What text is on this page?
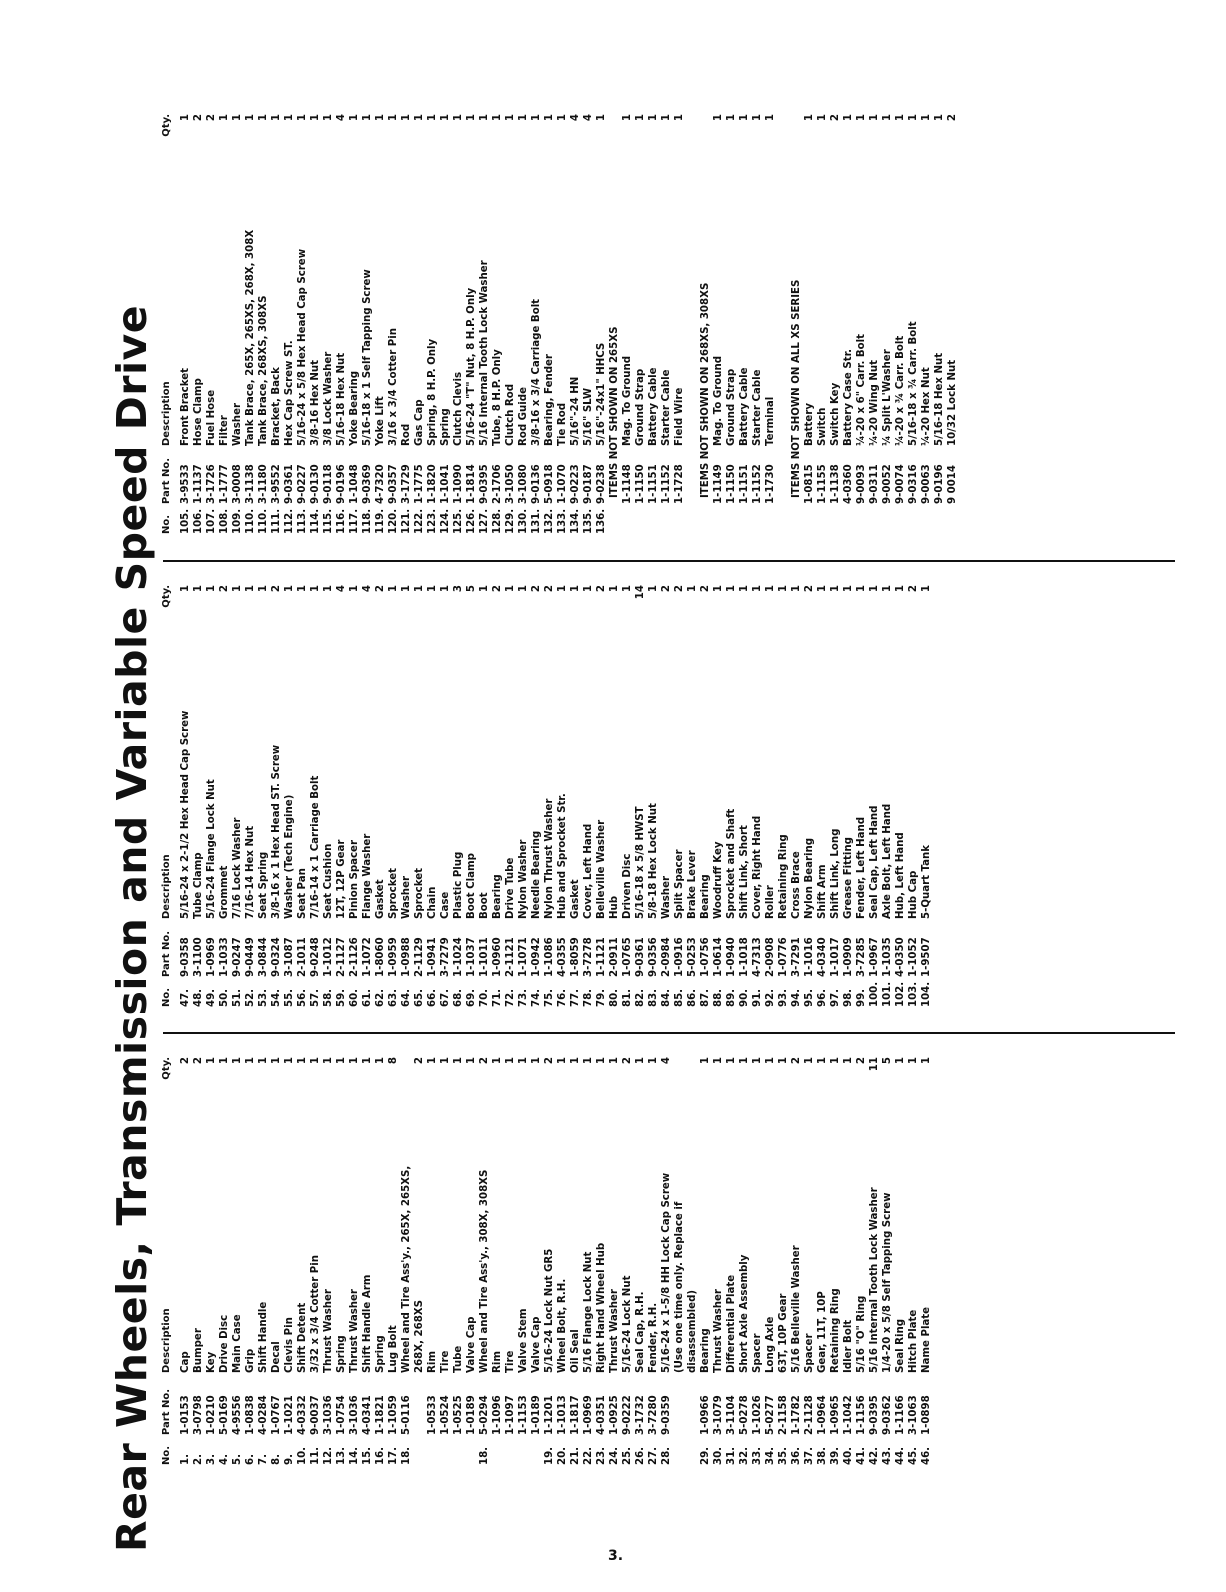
Rear Wheels, Transmission and Variable Speed Drive No.
Part No.
Description
Qty.
1.
1-0153
Cap
2
2.
3-0798
Bumper
2
3.
1-0210
Key
1
4.
5-0169
Drive Disc
1
5.
4-9556
Main Case
1
6.
1-0838
Grip
1
7.
4-0284
Shift Handle
1
8.
1-0767
Decal
1
9.
1-1021
Clevis Pin
1
10.
4-0332
Shift Detent
1
11.
9-0037
3/32 x 3/4 Cotter Pin
1
12.
3-1036
Thrust Washer
1
13.
1-0754
Spring
1
14.
3-1036
Thrust Washer
1
15.
4-0341
Shift Handle Arm
1
16.
1-1821
Spring
1
17.
1-1059
Lug Bolt
8
18.
5-0116
Wheel and Tire Ass'y., 265X, 265XS, 268X, 268XS
2
1-0533
Rim
1
1-0524
Tire
1
1-0525
Tube
1
1-0189
Valve Cap
1
18.
5-0294
Wheel and Tire Ass'y., 308X, 308XS
2
1-1096
Rim
1
1-1097
Tire
1
1-1153
Valve Stem
1
1-0189
Valve Cap
1
19.
1-1201
5/16-24 Lock Nut GR5
2
20.
1-1013
Wheel Bolt, R.H.
1
21.
1-1817
Oil Seal
1
22.
1-0969
5/16 Flange Lock Nut
1
23.
4-0351
Right Hand Wheel Hub
1
24.
1-0925
Thrust Washer
1
25.
9-0222
5/16-24 Lock Nut
2
26.
3-1732
Seal Cap, R.H.
1
27.
3-7280
Fender, R.H.
1
28.
9-0359
5/16-24 x 1-5/8 HH Lock Cap Screw
4
(Use one time only. Replace if disassembled)
29.
1-0966
Bearing
1
30.
3-1079
Thrust Washer
1
31.
3-1104
Differential Plate
1
32.
5-0278
Short Axle Assembly
1
33.
1-1026
Spacer
1
34.
5-0277
Long Axle
1
35.
2-1158
63T, 10P Gear
1
36.
1-1782
5/16 Belleville Washer
2
37.
2-1128
Spacer
1
38.
1-0964
Gear, 11T, 10P
1
39.
1-0965
Retaining Ring
1
40.
1-1042
Idler Bolt
1
41.
1-1156
5/16 "O" Ring
2
42.
9-0395
5/16 Internal Tooth Lock Washer
11
43.
9-0362
1/4-20 x 5/8 Self Tapping Screw
5
44.
1-1166
Seal Ring
1
45.
3-1063
Hitch Plate
1
46.
1-0898
Name Plate
1
No.
Part No.
Description
Qty.
47.
9-0358
5/16-24 x 2-1/2 Hex Head Cap Screw
1
48.
3-1100
Tube Clamp
1
49.
1-0969
5/16-24 Flange Lock Nut
1
50.
1-1033
Grommet
2
51.
9-0247
7/16 Lock Washer
1
52.
9-0449
7/16-14 Hex Nut
1
53.
3-0844
Seat Spring
1
54.
9-0324
3/8-16 x 1 Hex Head ST. Screw
2
55.
3-1087
Washer (Tech Engine)
1
56.
2-1011
Seat Pan
1
57.
9-0248
7/16-14 x 1 Carriage Bolt
1
58.
1-1012
Seat Cushion
1
59.
2-1127
12T, 12P Gear
4
60.
2-1126
Pinion Spacer
1
61.
1-1072
Flange Washer
4
62.
1-8060
Gasket
2
63.
1-0959
Sprocket
1
64.
1-0988
Washer
1
65.
2-1129
Sprocket
1
66.
1-0941
Chain
1
67.
3-7279
Case
1
68.
1-1024
Plastic Plug
3
69.
1-1037
Boot Clamp
5
70.
1-1011
Boot
1
71.
1-0960
Bearing
2
72.
2-1121
Drive Tube
1
73.
1-1071
Nylon Washer
1
74.
1-0942
Needle Bearing
2
75.
1-1086
Nylon Thrust Washer
2
76.
4-0355
Hub and Sprocket Str.
1
77.
1-8059
Gasket
1
78.
3-7278
Cover, Left Hand
1
79.
1-1121
Belleville Washer
2
80.
2-0911
Hub
1
81.
1-0765
Driven Disc
1
82.
9-0361
5/16-18 x 5/8 HWST
14
83.
9-0356
5/8-18 Hex Lock Nut
1
84.
2-0984
Washer
2
85.
1-0916
Split Spacer
2
86.
5-0253
Brake Lever
1
87.
1-0756
Bearing
2
88.
1-0614
Woodruff Key
1
89.
1-0940
Sprocket and Shaft
1
90.
1-1018
Shift Link, Short
1
91.
4-7313
Cover, Right Hand
1
92.
2-0908
Roller
1
93.
1-0776
Retaining Ring
1
94.
3-7291
Cross Brace
1
95.
1-1016
Nylon Bearing
2
96.
4-0340
Shift Arm
1
97.
1-1017
Shift Link, Long
1
98.
1-0909
Grease Fitting
1
99.
3-7285
Fender, Left Hand
1
100.
1-0967
Seal Cap, Left Hand
1
101.
1-1035
Axle Bolt, Left Hand
1
102.
4-0350
Hub, Left Hand
1
103.
1-1052
Hub Cap
2
104.
1-9507
5-Quart Tank
1
No.
Part No.
Description
Qty.
105.
3-9533
Front Bracket
1
106.
1-1137
Hose Clamp
2
107.
3-1726
Fuel Hose
2
108.
1-1777
Filter
1
109.
3-0008
Washer
1
110.
3-1138
Tank Brace, 265X, 265XS, 268X, 308X
1
110.
3-1180
Tank Brace, 268XS, 308XS
1
111.
3-9552
Bracket, Back
1
112.
9-0361
Hex Cap Screw ST.
1
113.
9-0227
5/16-24 x 5/8 Hex Head Cap Screw
1
114.
9-0130
3/8-16 Hex Nut
1
115.
9-0118
3/8 Lock Washer
1
116.
9-0196
5/16-18 Hex Nut
4
117.
1-1048
Yoke Bearing
1
118.
9-0369
5/16-18 x 1 Self Tapping Screw
1
119.
4-7320
Yoke Lift
1
120.
9-0357
3/16 x 3/4 Cotter Pin
1
121.
3-1729
Rod
1
122.
1-1775
Gas Cap
1
123.
1-1820
Spring, 8 H.P. Only
1
124.
1-1041
Spring
1
125.
1-1090
Clutch Clevis
1
126.
1-1814
5/16-24 "T" Nut, 8 H.P. Only
1
127.
9-0395
5/16 Internal Tooth Lock Washer
1
128.
2-1706
Tube, 8 H.P. Only
1
129.
3-1050
Clutch Rod
1
130.
3-1080
Rod Guide
1
131.
9-0136
3/8-16 x 3/4 Carriage Bolt
1
132.
5-0918
Bearing, Fender
1
133.
1-1070
Tie Rod
1
134.
9-0223
5/16"-24 HN
4
135.
9-0187
5/16" SLW
4
136.
9-0238
5/16"-24x1" HHCS
1
ITEMS NOT SHOWN ON 265XS 1-1148
Mag. To Ground
1
1-1150
Ground Strap
1
1-1151
Battery Cable
1
1-1152
Starter Cable
1
1-1728
Field Wire
1
ITEMS NOT SHOWN ON 268XS, 308XS 1-1149
Mag. To Ground
1
1-1150
Ground Strap
1
1-1151
Battery Cable
1
1-1152
Starter Cable
1
1-1730
Terminal
1
ITEMS NOT SHOWN ON ALL XS SERIES 1-0815
Battery
1
1-1155
Switch
1
1-1138
Switch Key
2
4-0360
Battery Case Str.
1
9-0093
¼-20 x 6" Carr. Bolt
1
9-0311
¼-20 Wing Nut
1
9-0052
¼ Split L'Washer
1
9-0074
¼-20 x ¾ Carr. Bolt
1
9-0316
5/16-18 x ¾ Carr. Bolt
1
9-0063
¼-20 Hex Nut
1
9-0196
5/16-18 Hex Nut
1
9 0014
10/32 Lock Nut
2
3.
